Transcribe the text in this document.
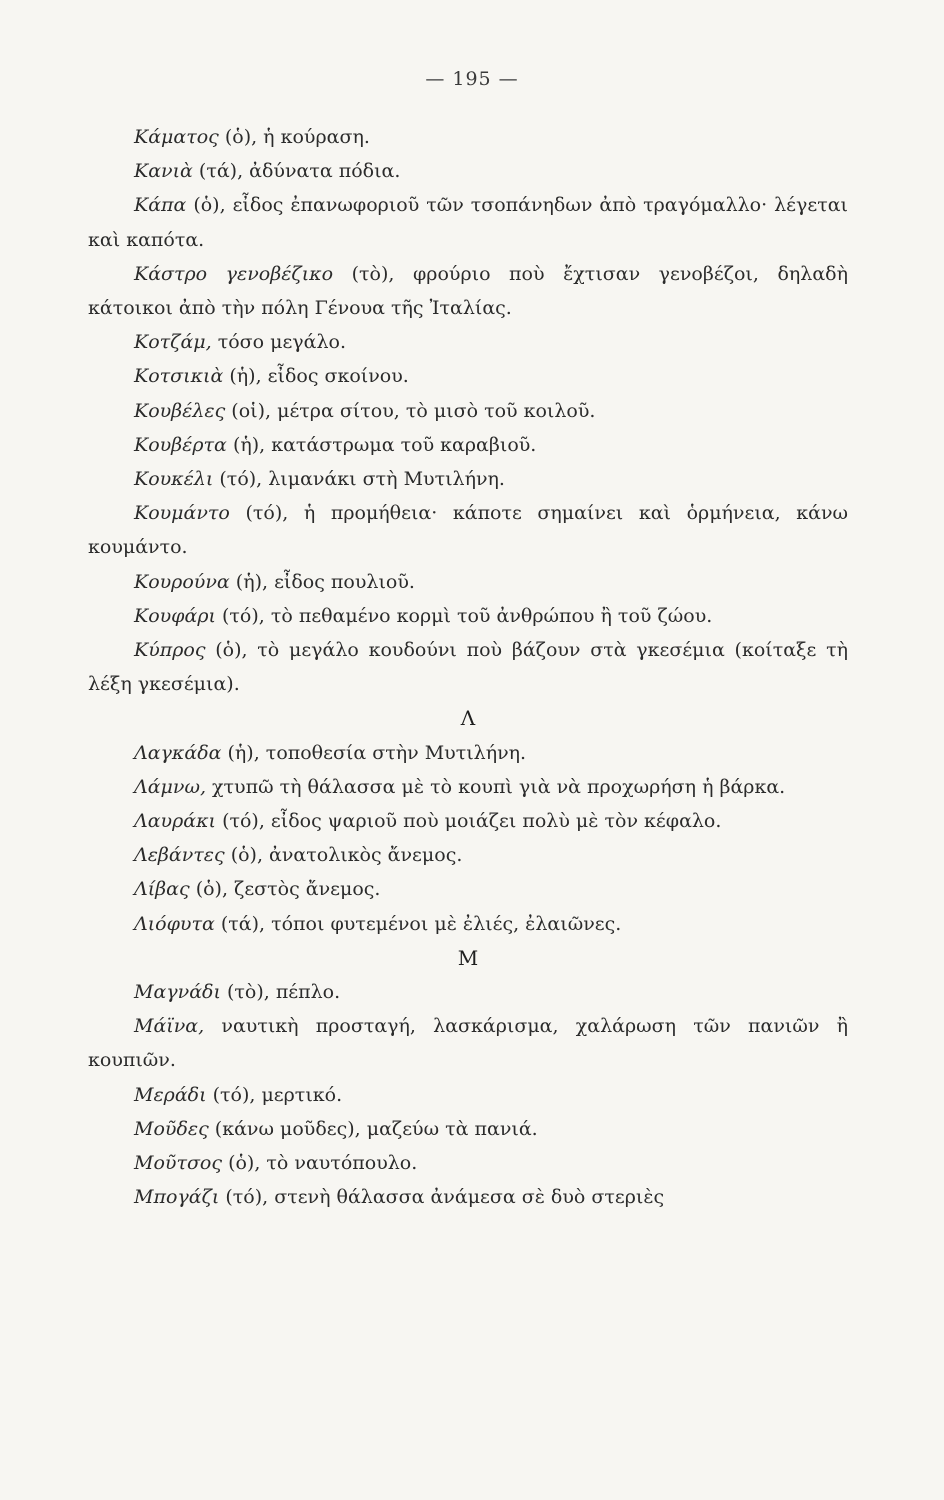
— 195 —

Κάματος (ὁ), ἡ κούραση.

Κανιὰ (τά), ἀδύνατα πόδια.

Κάπα (ὁ), εἶδος ἐπανωφοριοῦ τῶν τσοπάνηδων ἀπὸ τραγόμαλλο· λέγεται καὶ καπότα.

Κάστρο γενοβέζικο (τὸ), φρούριο ποὺ ἔχτισαν γενοβέζοι, δηλαδὴ κάτοικοι ἀπὸ τὴν πόλη Γένουα τῆς Ἰταλίας.

Κοτζάμ, τόσο μεγάλο.

Κοτσικιὰ (ἡ), εἶδος σκοίνου.

Κουβέλες (οἱ), μέτρα σίτου, τὸ μισὸ τοῦ κοιλοῦ.

Κουβέρτα (ἡ), κατάστρωμα τοῦ καραβιοῦ.

Κουκέλι (τό), λιμανάκι στὴ Μυτιλήνη.

Κουμάντο (τό), ἡ προμήθεια· κάποτε σημαίνει καὶ ὁρμήνεια, κάνω κουμάντο.

Κουρούνα (ἡ), εἶδος πουλιοῦ.

Κουφάρι (τό), τὸ πεθαμένο κορμὶ τοῦ ἀνθρώπου ἢ τοῦ ζώου.

Κύπρος (ὁ), τὸ μεγάλο κουδούνι ποὺ βάζουν στὰ γκεσέμια (κοίταξε τὴ λέξη γκεσέμια).

Λ

Λαγκάδα (ἡ), τοποθεσία στὴν Μυτιλήνη.

Λάμνω, χτυπῶ τὴ θάλασσα μὲ τὸ κουπὶ γιὰ νὰ προχωρήση ἡ βάρκα.

Λαυράκι (τό), εἶδος ψαριοῦ ποὺ μοιάζει πολὺ μὲ τὸν κέφαλο.

Λεβάντες (ὁ), ἀνατολικὸς ἄνεμος.

Λίβας (ὁ), ζεστὸς ἄνεμος.

Λιόφυτα (τά), τόποι φυτεμένοι μὲ ἐλιές, ἐλαιῶνες.

Μ

Μαγνάδι (τὸ), πέπλο.

Μάϊνα, ναυτικὴ προσταγή, λασκάρισμα, χαλάρωση τῶν πανιῶν ἢ κουπιῶν.

Μεράδι (τό), μερτικό.

Μοῦδες (κάνω μοῦδες), μαζεύω τὰ πανιά.

Μοῦτσος (ὁ), τὸ ναυτόπουλο.

Μπογάζι (τό), στενὴ θάλασσα ἀνάμεσα σὲ δυὸ στεριὲς
